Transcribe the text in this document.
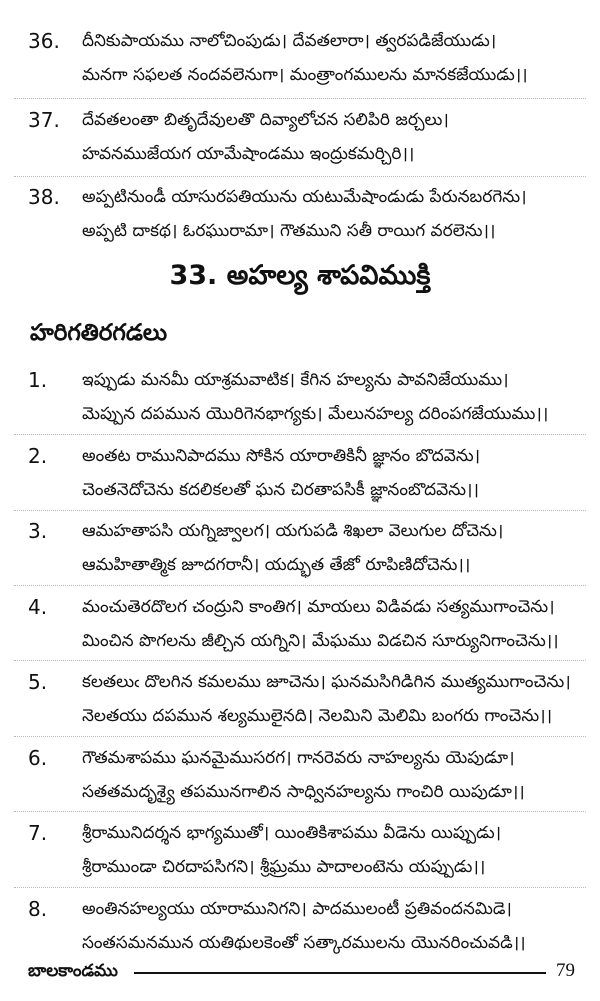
36. దీనికుపాయము నాలోచింపుడు। దేవతలారా। త్వరపడిజేయుడు।
మనగా సఫలత నందవలెనుగా। మంత్రాంగములను మానకజేయుడు।।
37. దేవతలంతా బితృదేవులతొ దివ్యాలోచన సలిపిరి జర్చలు।
హవనముజేయగ యామేషాండము ఇంద్రుకమర్చిరి।।
38. అప్పటినుండీ యాసురపతియును యటుమేషాండుడు పేరునబరగెను।
అప్పటి దాకథ। ఓరఘురామా। గౌతముని సతీ రాయిగ వరలెను।।
33. అహల్య శాపవిముక్తి
హరిగతిరగడలు
1. ఇప్పుడు మనమీ యాశ్రమవాటిక। కేగిన హల్యను పావనిజేయుము।
మెప్పున దపమున యొరిగెనభాగ్యకు। మేలునహల్య దరింపగజేయుము।।
2. అంతట రామునిపాదము సోకిన యారాతికినీ జ్ఞానం బొదవెను।
చెంతనెదోచెను కదలికలతో ఘన చిరతాపసికీ జ్ఞానంబొదవెను।।
3. ఆమహతాపసి యగ్నిజ్వాలగ। యగుపడి శిఖలా వెలుగుల దోచెను।
ఆమహితాత్మిక జూదగరానీ। యద్భుత తేజో రూపిణిదోచెను।।
4. మంచుతెరదొలగ చంద్రుని కాంతిగ। మాయలు విడివడు సత్యముగాంచెను।
మించిన పొగలను జీల్చిన యగ్నిని। మేఘము విడచిన సూర్యునిగాంచెను।।
5. కలతలుఁ దొలగిన కమలము జూచెను। ఘనమసిగిడిగిన ముత్యముగాంచెను।
నెలతయు దపమున శల్యములైనది। నెలమిని మెలిమి బంగరు గాంచెను।।
6. గౌతమశాపము ఘనమైముసరగ। గానరెవరు నాహల్యను యెపుడూ।
సతతమదృశ్యై తపమునగాలిన సాధ్వినహల్యను గాంచిరి యిపుడూ।।
7. శ్రీరామునిదర్శన భాగ్యముతో। యింతికిశాపము వీడెను యిప్పుడు।
శ్రీరాముండా చిరదాపసిగని। శ్రీఘ్రము పాదాలంటెను యప్పుడు।।
8. అంతినహల్యయు యారామునిగని। పాదములంటీ ప్రతివందనమిడె।
సంతసమనమున యతిథులకెంతో సత్కారములను యొనరించువడి।।
బాలకాండము	79
